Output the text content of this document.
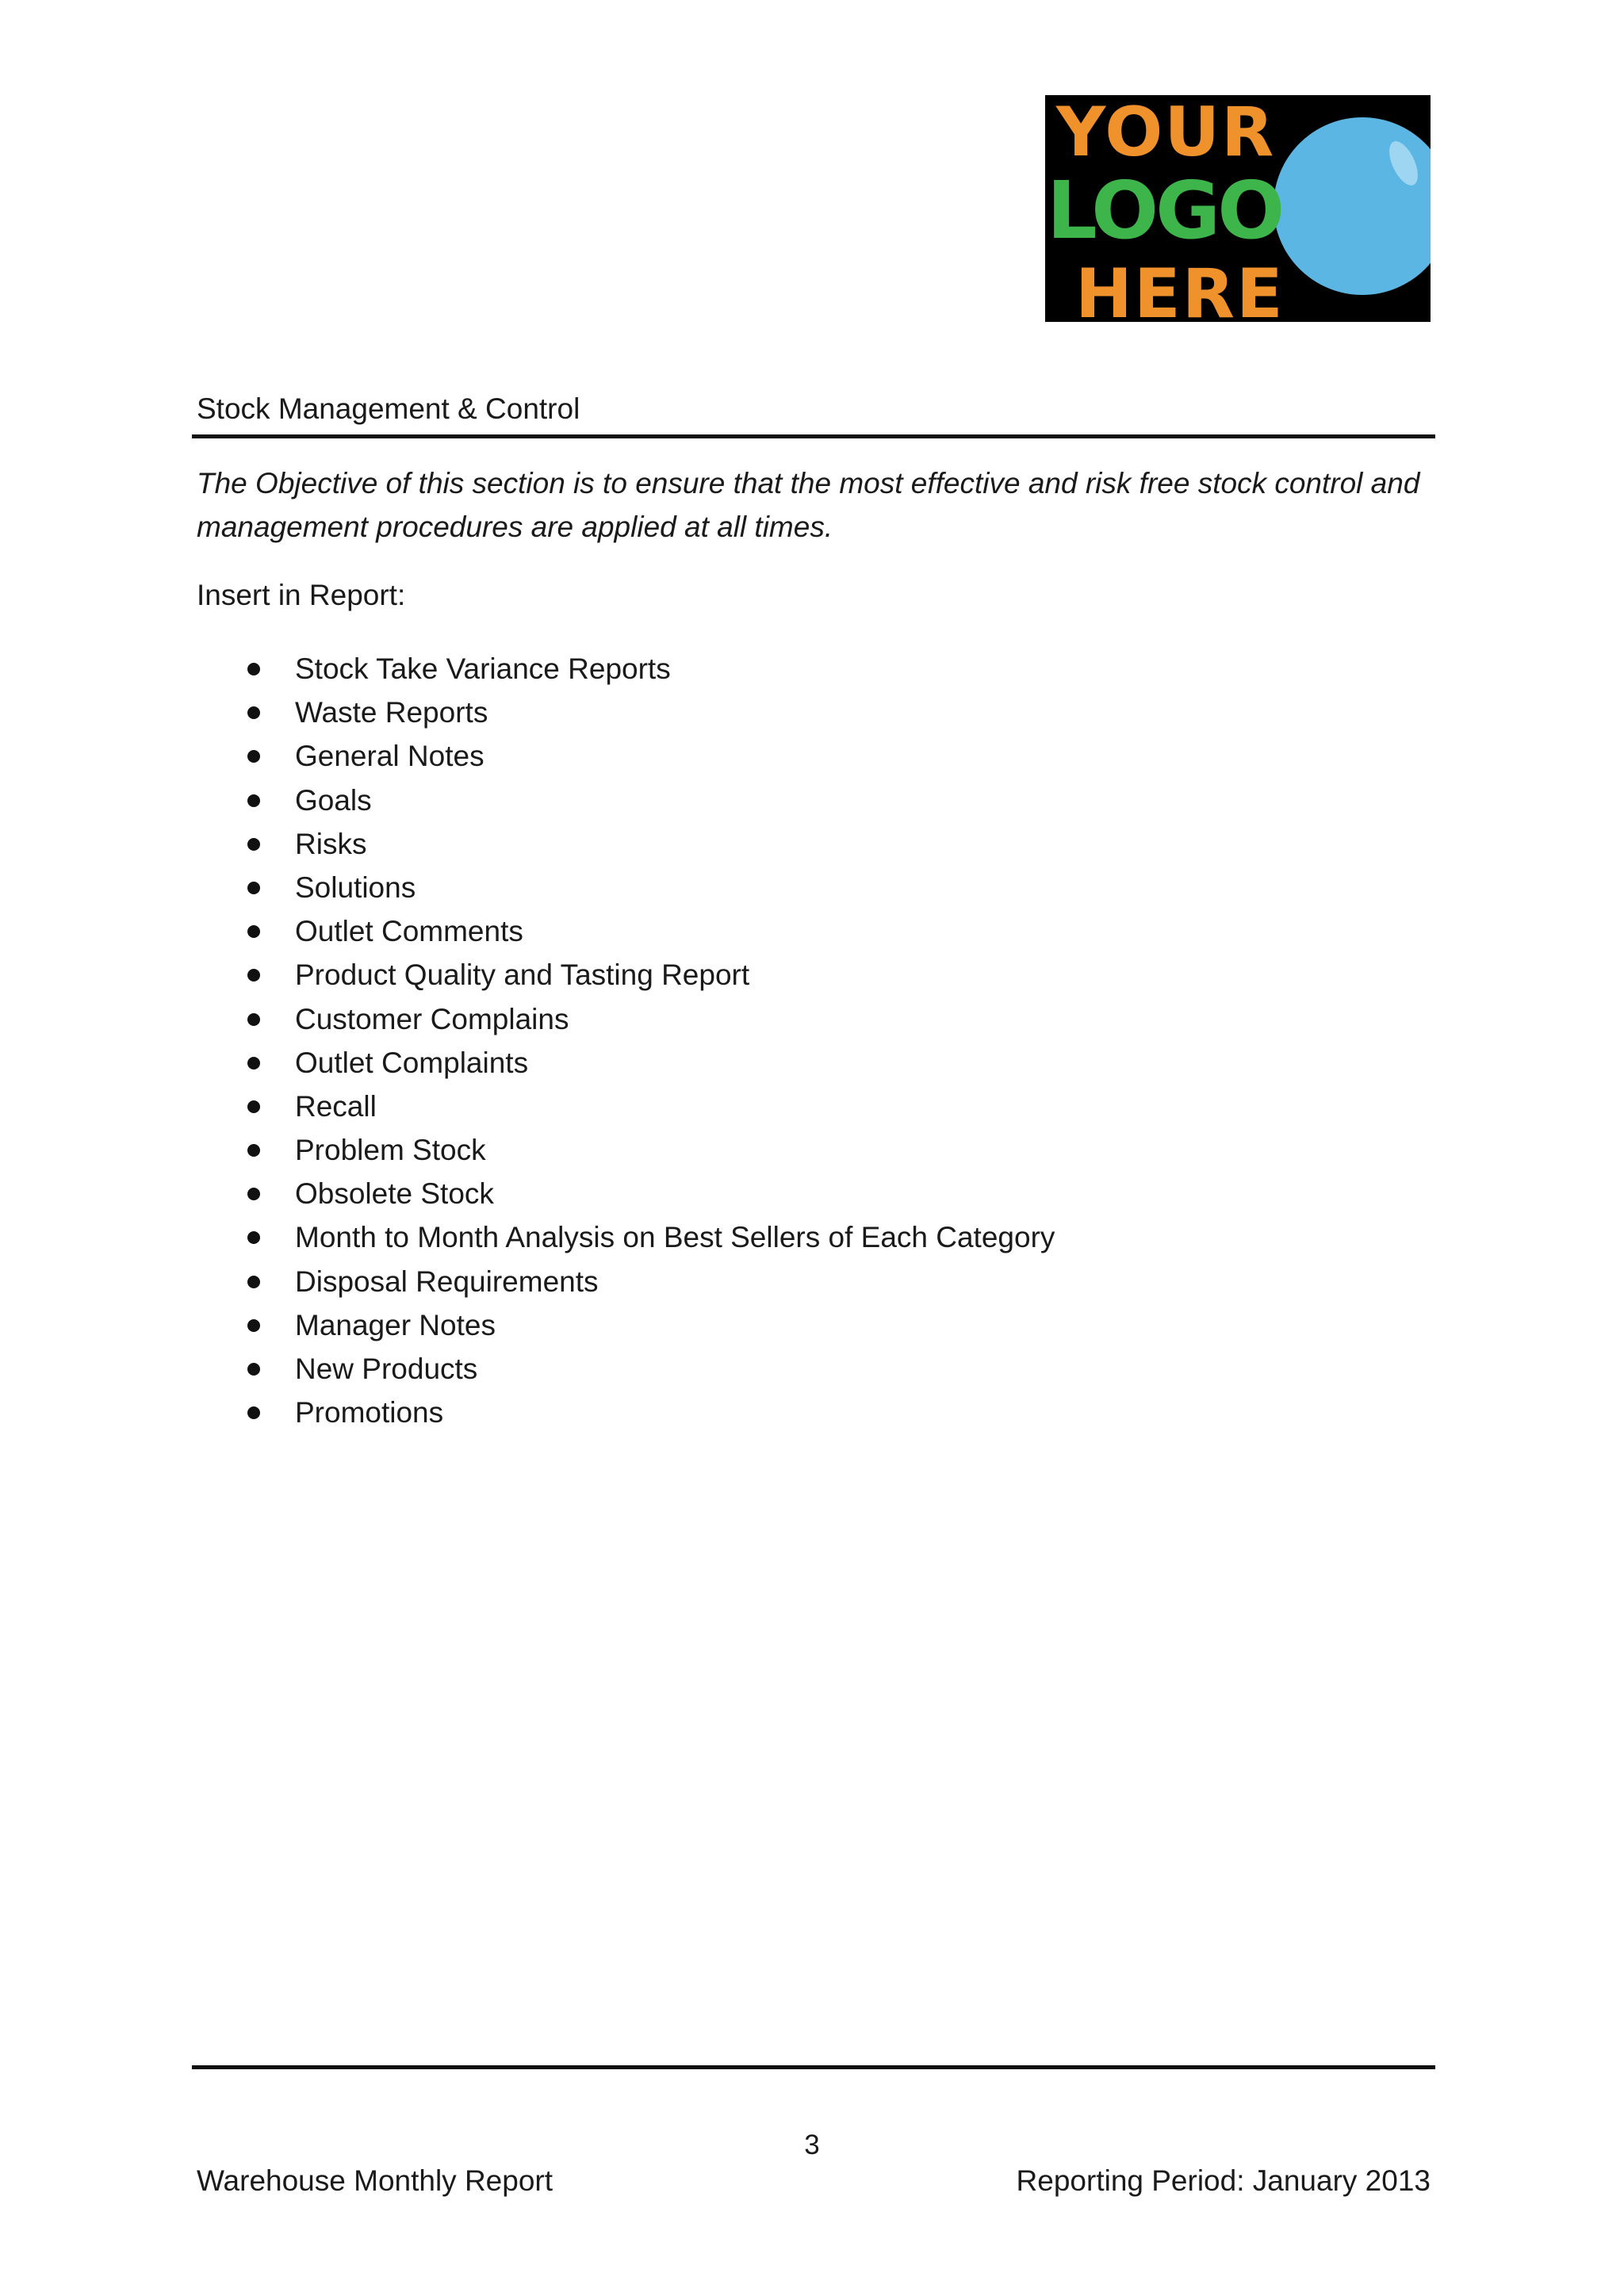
YOUR
LOGO
HERE
Stock Management & Control
The Objective of this section is to ensure that the most effective and risk free stock control and management procedures are applied at all times.
Insert in Report:
Stock Take Variance Reports
Waste Reports
General Notes
Goals
Risks
Solutions
Outlet Comments
Product Quality and Tasting Report
Customer Complains
Outlet Complaints
Recall
Problem Stock
Obsolete Stock
Month to Month Analysis on Best Sellers of Each Category
Disposal Requirements
Manager Notes
New Products
Promotions
3
Warehouse Monthly Report	Reporting Period: January 2013
